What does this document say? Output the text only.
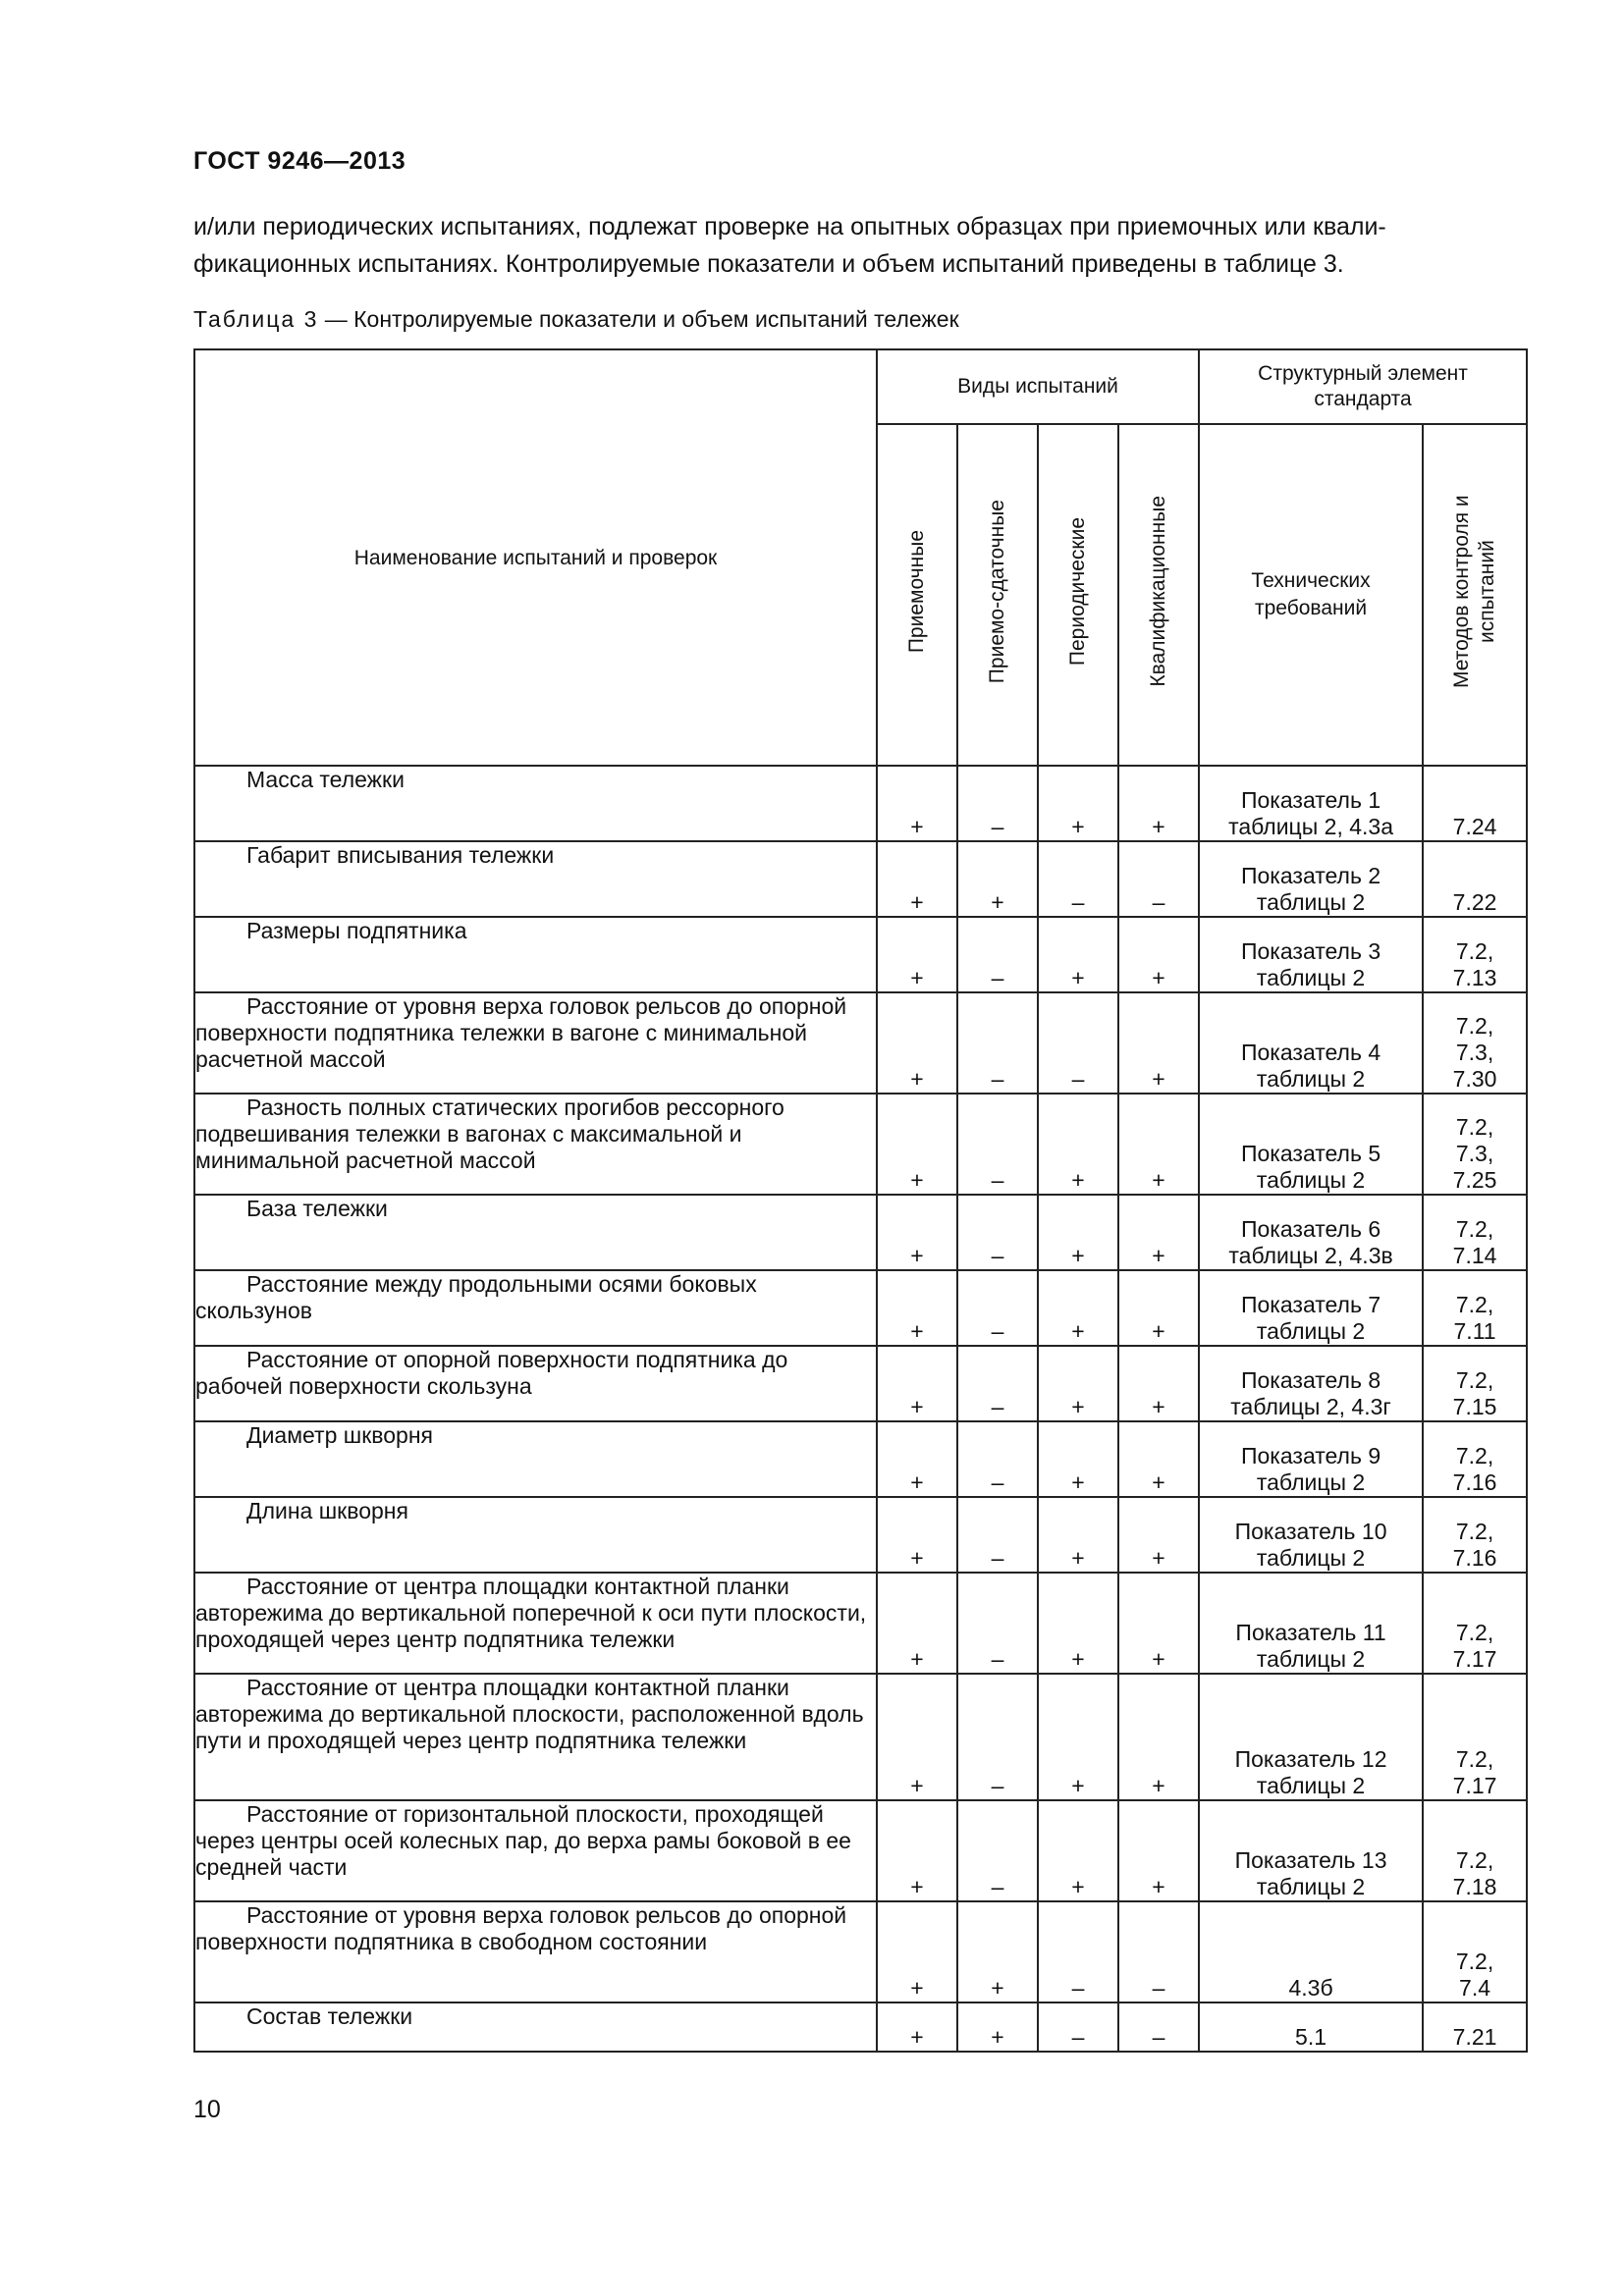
ГОСТ 9246—2013
и/или периодических испытаниях, подлежат проверке на опытных образцах при приемочных или квали-
фикационных испытаниях. Контролируемые показатели и объем испытаний приведены в таблице 3.
Таблица 3 — Контролируемые показатели и объем испытаний тележек
Наименование испытаний и проверок	Виды испытаний				Структурный элемент стандарта	
	Приемочные	Приемо-сдаточные	Периодические	Квалификационные	Технических требований	Методов контроля и испытаний

Масса тележки	+	–	+	+	Показатель 1 таблицы 2, 4.3а	7.24

Габарит вписывания тележки	+	+	–	–	Показатель 2 таблицы 2	7.22

Размеры подпятника	+	–	+	+	Показатель 3 таблицы 2	7.2, 7.13

Расстояние от уровня верха головок рельсов до опорной поверхности подпятника тележки в вагоне с минимальной расчетной массой	+	–	–	+	Показатель 4 таблицы 2	7.2, 7.3, 7.30

Разность полных статических прогибов рессорного подвешивания тележки в вагонах с максимальной и минимальной расчетной массой	+	–	+	+	Показатель 5 таблицы 2	7.2, 7.3, 7.25

База тележки	+	–	+	+	Показатель 6 таблицы 2, 4.3в	7.2, 7.14

Расстояние между продольными осями боковых скользунов	+	–	+	+	Показатель 7 таблицы 2	7.2, 7.11

Расстояние от опорной поверхности подпятника до рабочей поверхности скользуна	+	–	+	+	Показатель 8 таблицы 2, 4.3г	7.2, 7.15

Диаметр шкворня	+	–	+	+	Показатель 9 таблицы 2	7.2, 7.16

Длина шкворня	+	–	+	+	Показатель 10 таблицы 2	7.2, 7.16

Расстояние от центра площадки контактной планки авторежима до вертикальной поперечной к оси пути плоскости, проходящей через центр подпятника тележки	+	–	+	+	Показатель 11 таблицы 2	7.2, 7.17

Расстояние от центра площадки контактной планки авторежима до вертикальной плоскости, расположенной вдоль пути и проходящей через центр подпятника тележки	+	–	+	+	Показатель 12 таблицы 2	7.2, 7.17

Расстояние от горизонтальной плоскости, проходящей через центры осей колесных пар, до верха рамы боковой в ее средней части	+	–	+	+	Показатель 13 таблицы 2	7.2, 7.18

Расстояние от уровня верха головок рельсов до опорной поверхности подпятника в свободном состоянии	+	+	–	–	4.3б	7.2, 7.4

Состав тележки	+	+	–	–	5.1	7.21
10
